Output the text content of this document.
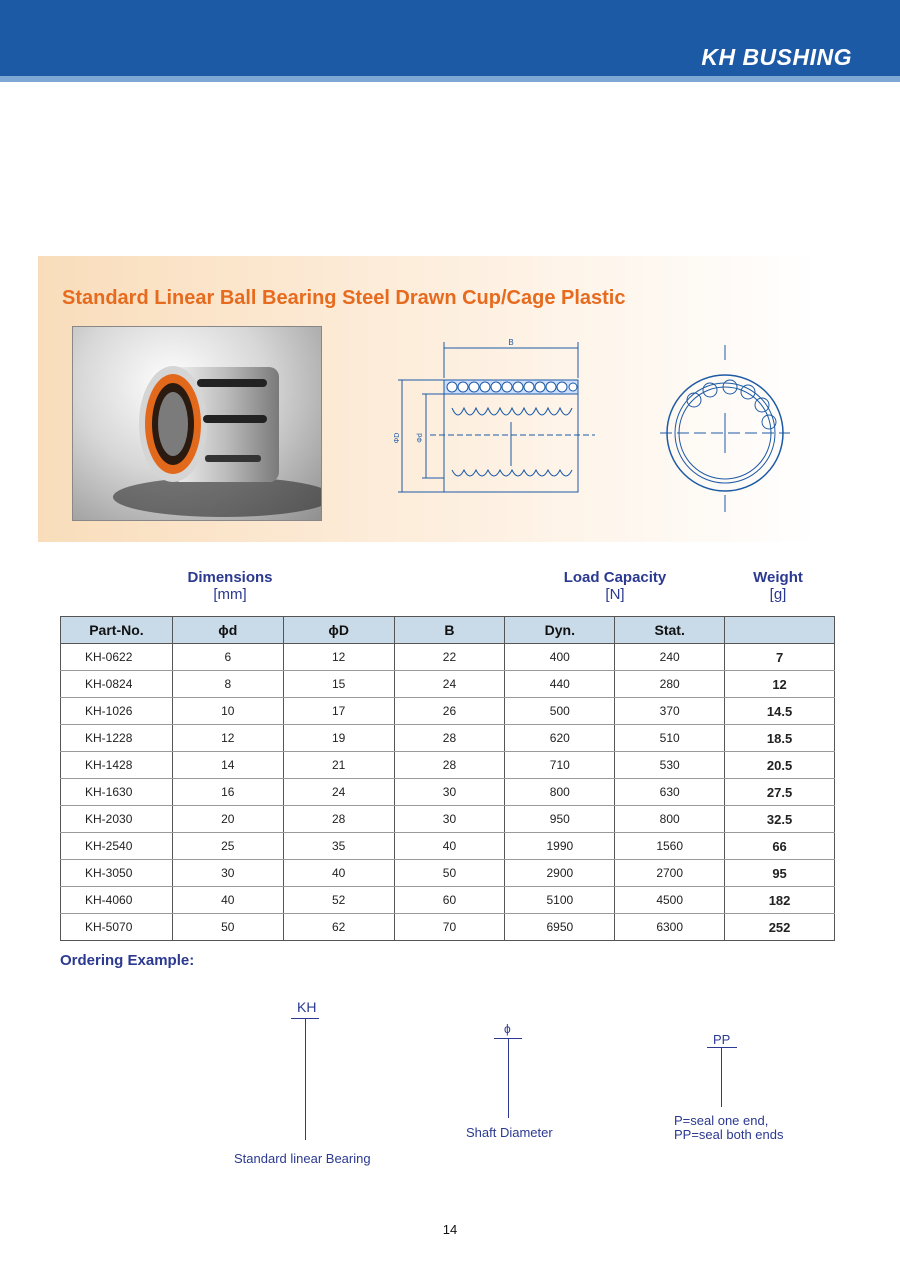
KH BUSHING
Standard Linear Ball Bearing Steel Drawn Cup/Cage Plastic
B
ΦD Φd
Dimensions
[mm]
Load Capacity
[N]
Weight
[g]
Part-No.	ϕd	ϕD	B	Dyn.	Stat.	
KH-0622	6	12	22	400	240	7
KH-0824	8	15	24	440	280	12
KH-1026	10	17	26	500	370	14.5
KH-1228	12	19	28	620	510	18.5
KH-1428	14	21	28	710	530	20.5
KH-1630	16	24	30	800	630	27.5
KH-2030	20	28	30	950	800	32.5
KH-2540	25	35	40	1990	1560	66
KH-3050	30	40	50	2900	2700	95
KH-4060	40	52	60	5100	4500	182
KH-5070	50	62	70	6950	6300	252
Ordering Example:
KH
Standard linear Bearing
ϕ
Shaft Diameter
PP
P=seal one end,
PP=seal both ends
14
